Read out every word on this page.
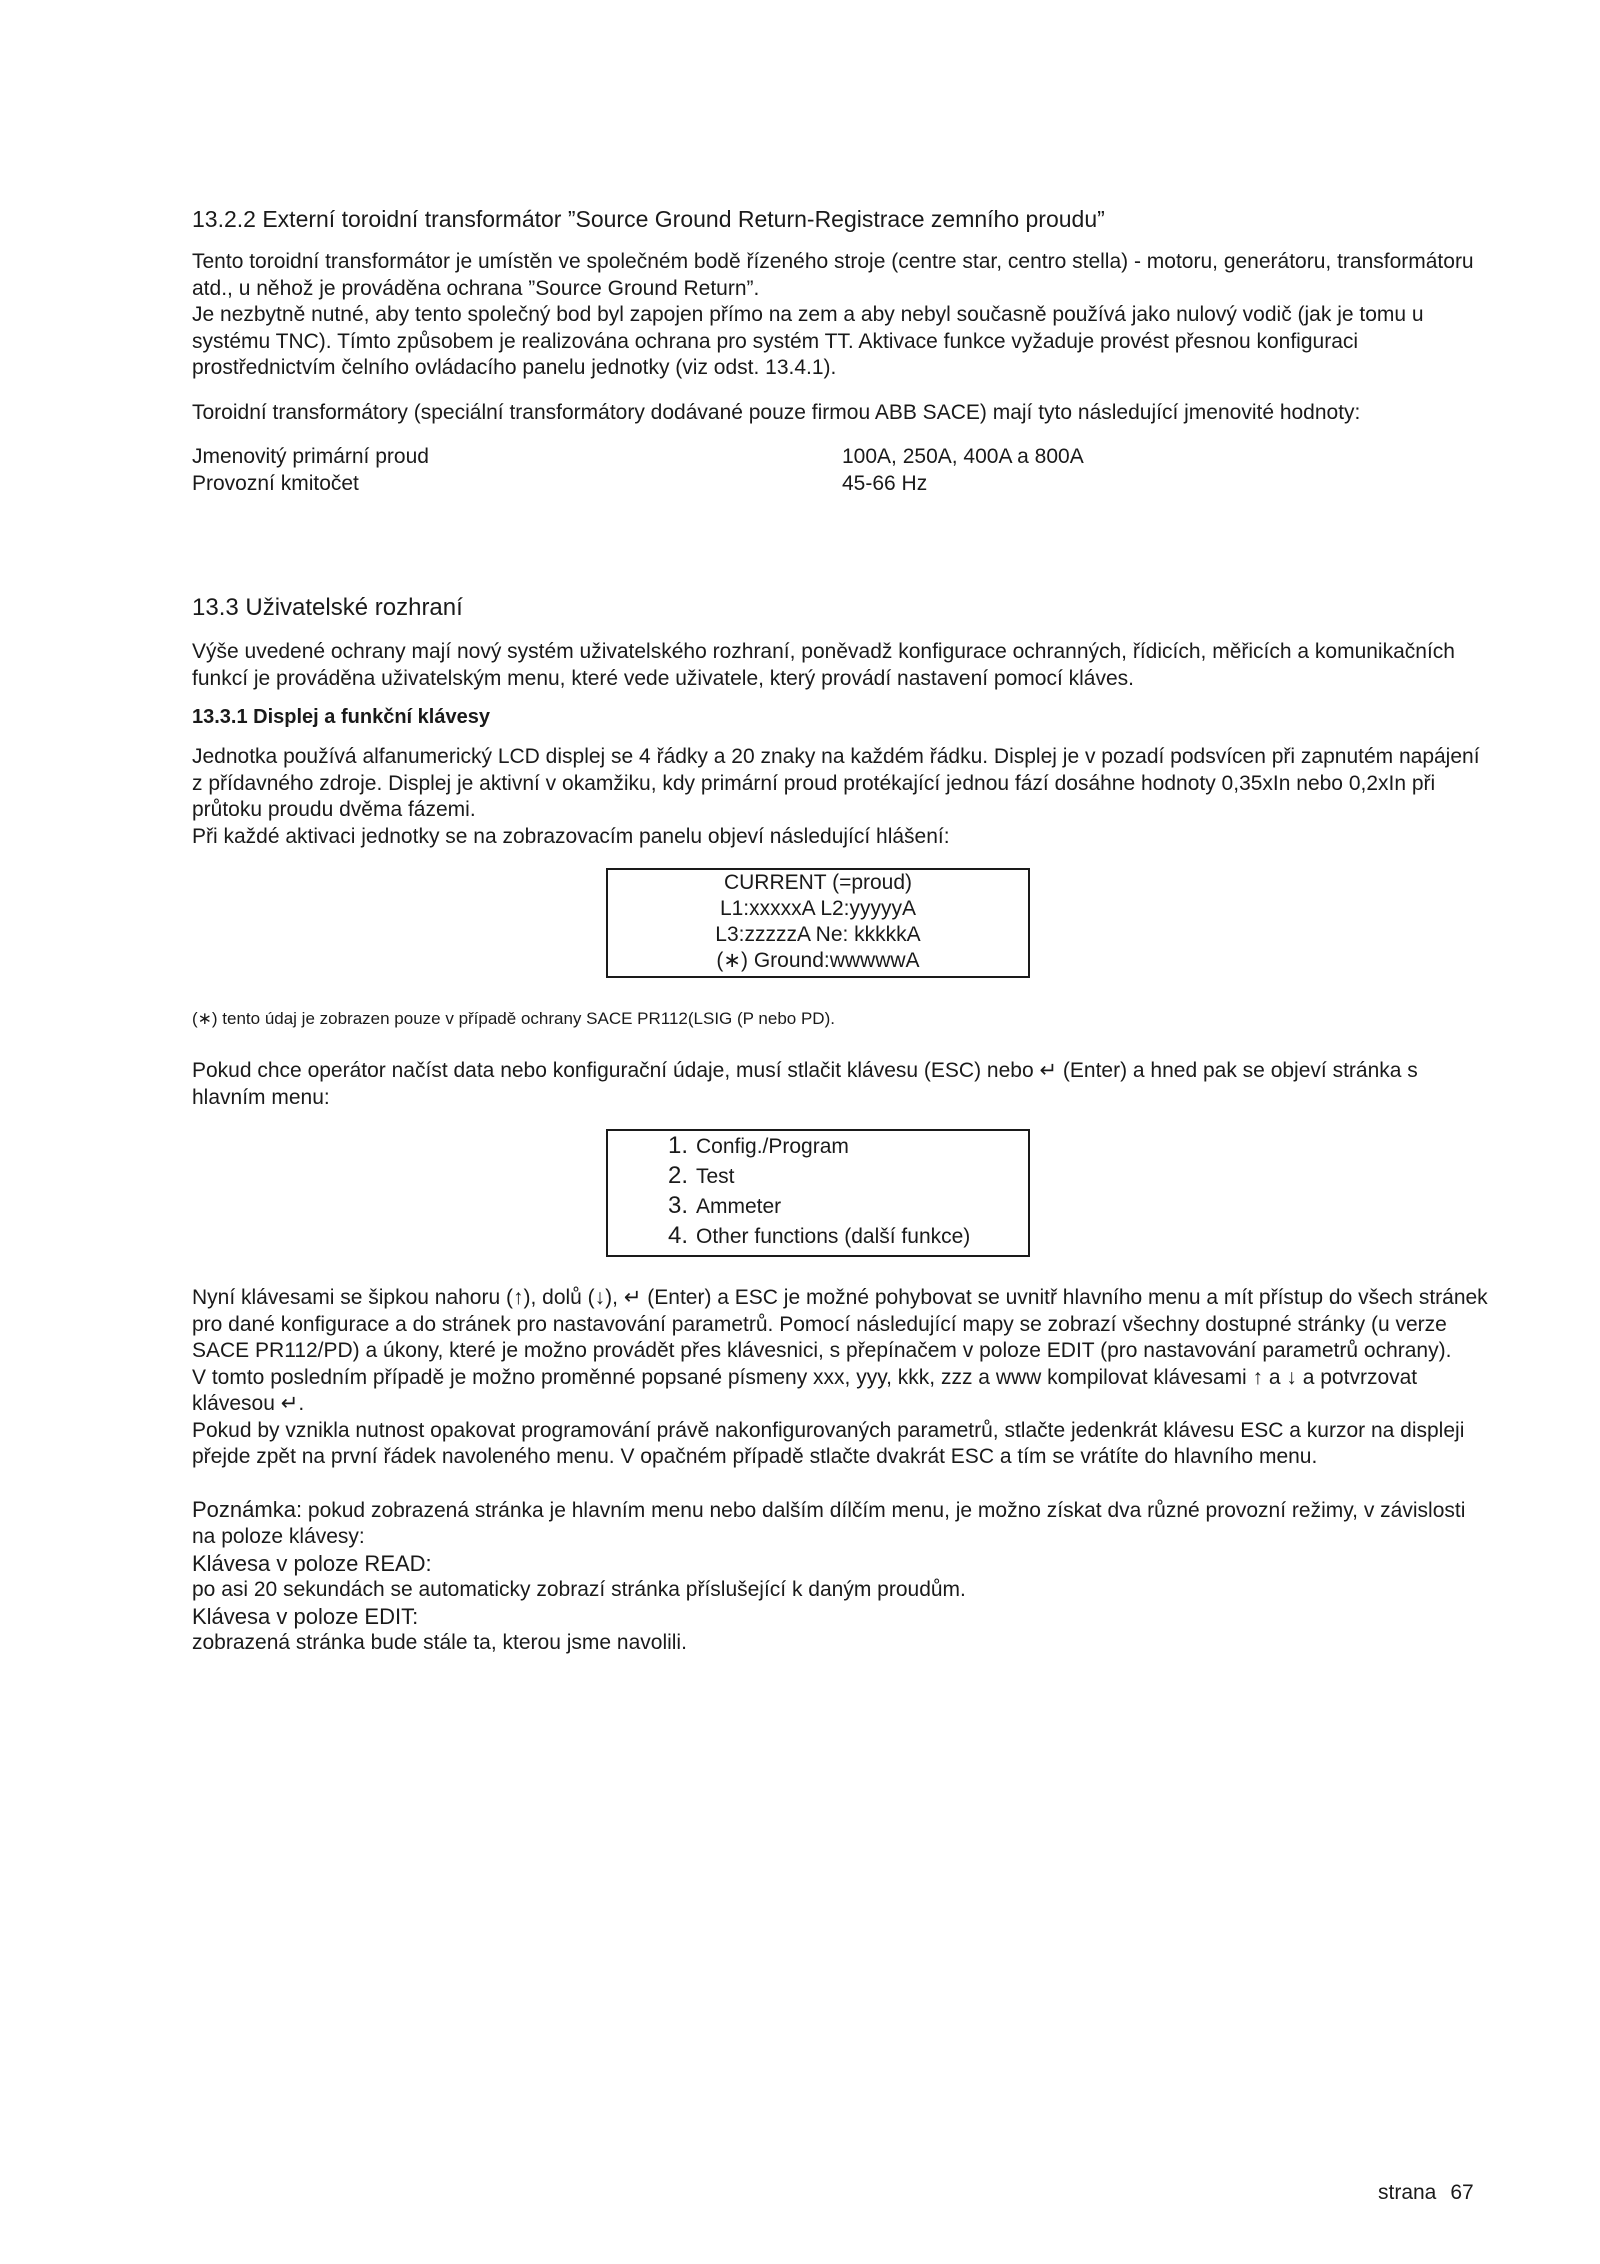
13.2.2 Externí toroidní transformátor ”Source Ground Return-Registrace zemního proudu”

Tento toroidní transformátor je umístěn ve společném bodě řízeného stroje (centre star, centro stella) - motoru, generátoru, transformátoru atd., u něhož je prováděna ochrana ”Source Ground Return”.

Je nezbytně nutné, aby tento společný bod byl zapojen přímo na zem a aby nebyl současně používá jako nulový vodič (jak je tomu u systému TNC). Tímto způsobem je realizována ochrana pro systém TT. Aktivace funkce vyžaduje provést přesnou konfiguraci prostřednictvím čelního ovládacího panelu jednotky (viz odst. 13.4.1).

Toroidní transformátory (speciální transformátory dodávané pouze firmou ABB SACE) mají tyto následující jmenovité hodnoty:

Jmenovitý primární proud	100A, 250A, 400A a 800A
Provozní kmitočet	45-66 Hz
13.3 Uživatelské rozhraní

Výše uvedené ochrany mají nový systém uživatelského rozhraní, poněvadž konfigurace ochranných, řídicích, měřicích a komunikačních funkcí je prováděna uživatelským menu, které vede uživatele, který provádí nastavení pomocí kláves.

13.3.1 Displej a funkční klávesy

Jednotka používá alfanumerický LCD displej se 4 řádky a 20 znaky na každém řádku. Displej je v pozadí podsvícen při zapnutém napájení z přídavného zdroje. Displej je aktivní v okamžiku, kdy primární proud protékající jednou fází dosáhne hodnoty 0,35xIn nebo 0,2xIn při průtoku proudu dvěma fázemi.

Při každé aktivaci jednotky se na zobrazovacím panelu objeví následující hlášení:

CURRENT (=proud)
L1:xxxxxA L2:yyyyyA
L3:zzzzzA Ne: kkkkkA
(∗) Ground:wwwwwA

(∗) tento údaj je zobrazen pouze v případě ochrany SACE PR112(LSIG (P nebo PD).

Pokud chce operátor načíst data nebo konfigurační údaje, musí stlačit klávesu (ESC) nebo ↵ (Enter) a hned pak se objeví stránka s hlavním menu:

1. Config./Program
2. Test
3. Ammeter
4. Other functions (další funkce)

Nyní klávesami se šipkou nahoru (↑), dolů (↓), ↵ (Enter) a ESC je možné pohybovat se uvnitř hlavního menu a mít přístup do všech stránek pro dané konfigurace a do stránek pro nastavování parametrů. Pomocí následující mapy se zobrazí všechny dostupné stránky (u verze SACE PR112/PD) a úkony, které je možno provádět přes klávesnici, s přepínačem v poloze EDIT (pro nastavování parametrů ochrany).

V tomto posledním případě je možno proměnné popsané písmeny xxx, yyy, kkk, zzz a www kompilovat klávesami ↑ a ↓ a potvrzovat klávesou ↵.

Pokud by vznikla nutnost opakovat programování právě nakonfigurovaných parametrů, stlačte jedenkrát klávesu ESC a kurzor na displeji přejde zpět na první řádek navoleného menu. V opačném případě stlačte dvakrát ESC a tím se vrátíte do hlavního menu.

Poznámka: pokud zobrazená stránka je hlavním menu nebo dalším dílčím menu, je možno získat dva různé provozní režimy, v závislosti na poloze klávesy:

Klávesa v poloze READ:

po asi 20 sekundách se automaticky zobrazí stránka příslušející k daným proudům.

Klávesa v poloze EDIT:

zobrazená stránka bude stále ta, kterou jsme navolili.

strana 67
